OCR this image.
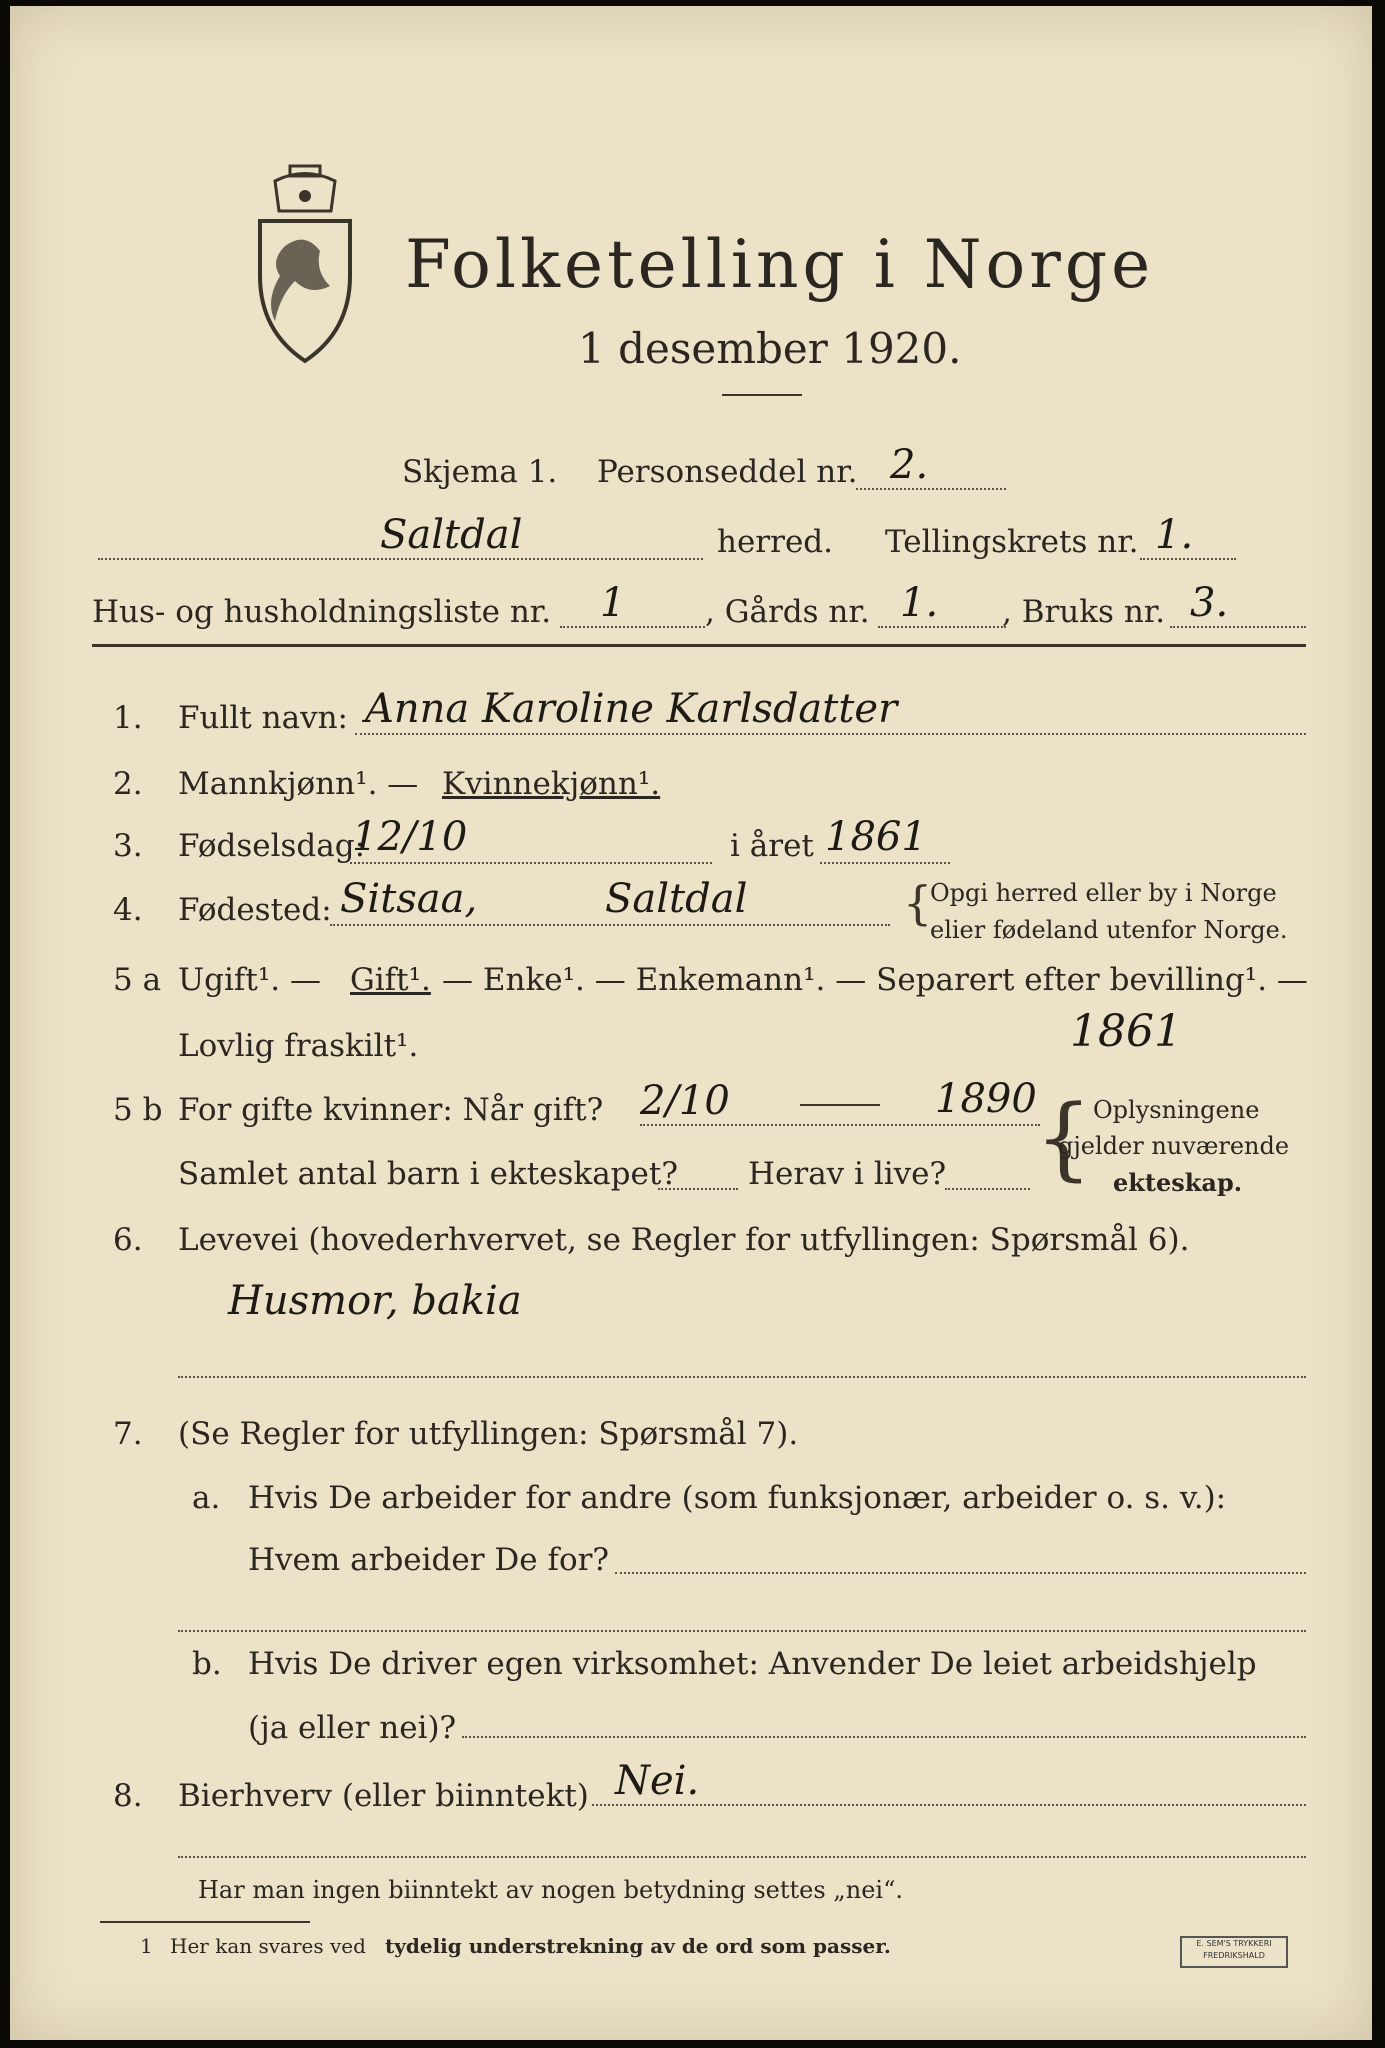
Folketelling i Norge
1 desember 1920.
Skjema 1. Personseddel nr. 2.
Saltdal	herred. Tellingskrets nr. 1.
Hus- og husholdningsliste nr. 1	, Gårds nr. 1. , Bruks nr. 3.
1. Fullt navn: Anna Karoline Karlsdatter
2. Mannkjønn¹. — Kvinnekjønn¹.
3. Fødselsdag:
12/10	i året 1861
4. Fødested: Sitsaa,	Saltdal	{
Opgi herred eller by i Norge
elier fødeland utenfor Norge.
5 a Ugift¹. — Gift¹. — Enke¹. — Enkemann¹. — Separert efter bevilling¹. —
Lovlig fraskilt¹.	1861
5 b For gifte kvinner: Når gift? 2/10	1890
Samlet antal barn i ekteskapet? Herav i live? { Oplysningene
gjelder nuværende
ekteskap.
6. Levevei (hovederhvervet, se Regler for utfyllingen: Spørsmål 6).
Husmor, bakia
7. (Se Regler for utfyllingen: Spørsmål 7).
a. Hvis De arbeider for andre (som funksjonær, arbeider o. s. v.):
Hvem arbeider De for?
b. Hvis De driver egen virksomhet: Anvender De leiet arbeidshjelp
(ja eller nei)?
8. Bierhverv (eller biinntekt) Nei.
Har man ingen biinntekt av nogen betydning settes „nei“.
1 Her kan svares ved tydelig understrekning av de ord som passer.	E. SEM'S TRYKKERI FREDRIKSHALD
